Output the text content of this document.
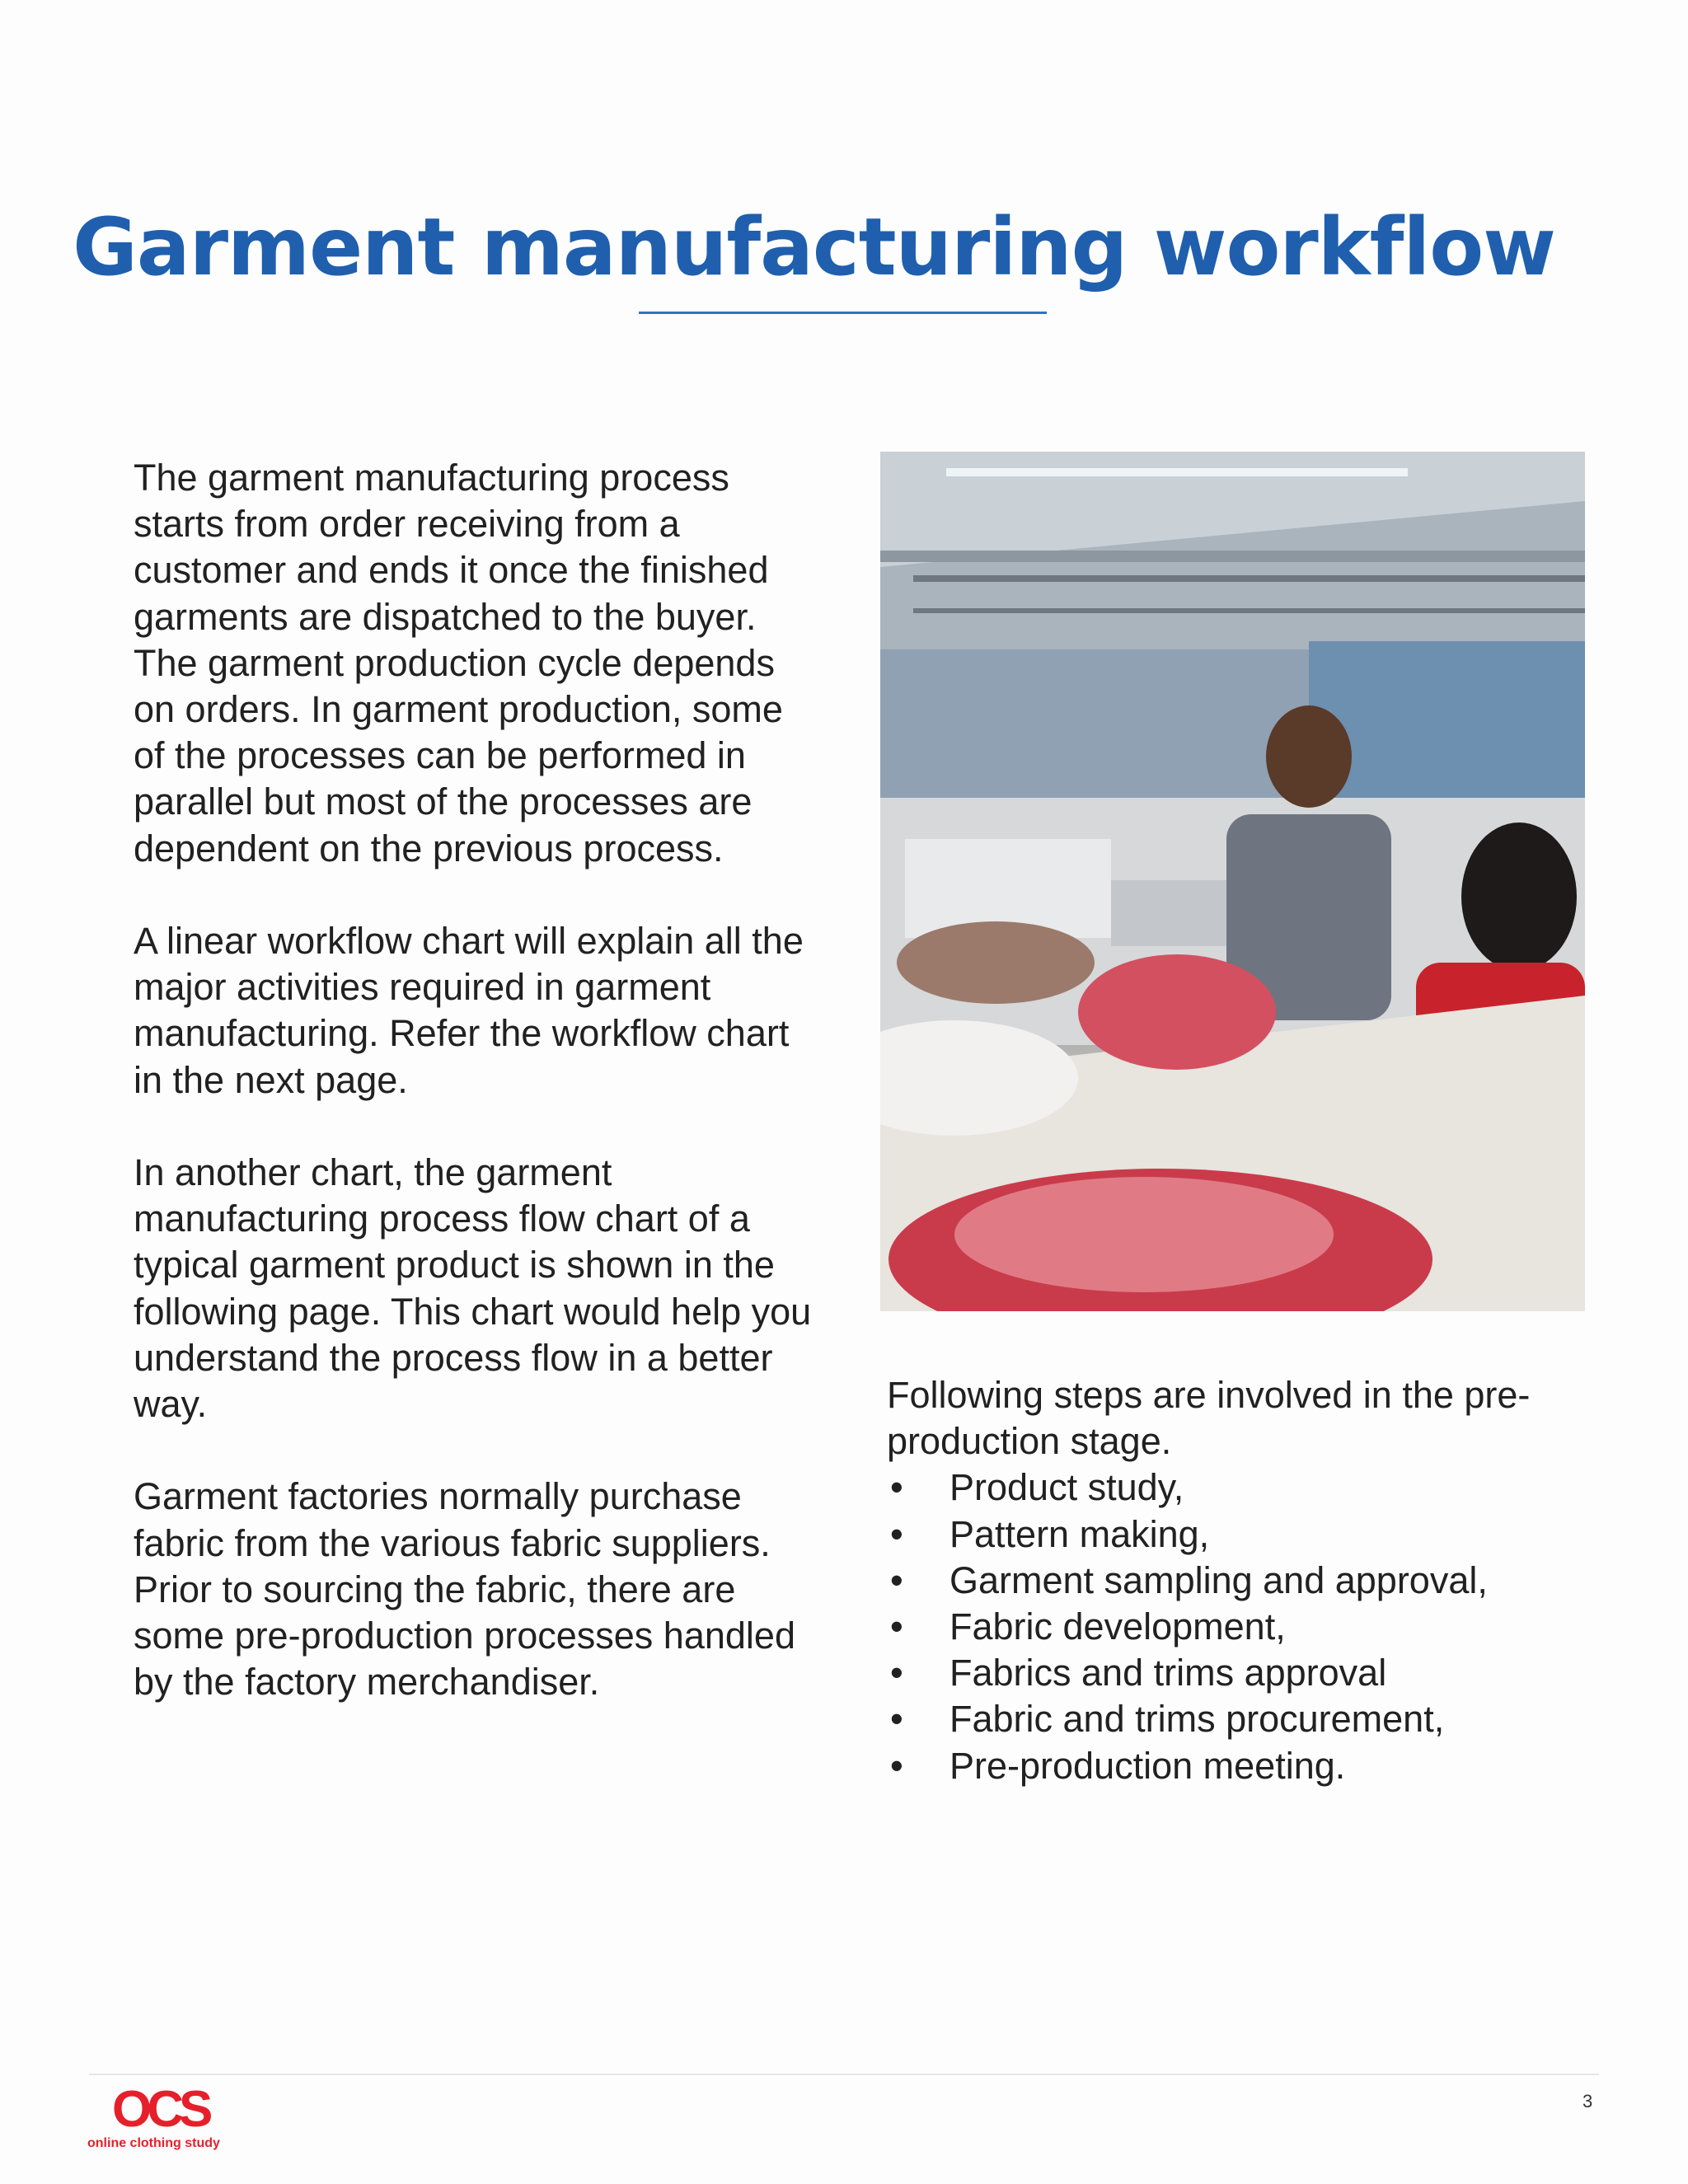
Garment manufacturing workflow

The garment manufacturing process starts from order receiving from a customer and ends it once the finished garments are dispatched to the buyer. The garment production cycle depends on orders. In garment production, some of the processes can be performed in parallel but most of the processes are dependent on the previous process.

A linear workflow chart will explain all the major activities required in garment manufacturing. Refer the workflow chart in the next page.

In another chart, the garment manufacturing process flow chart of a typical garment product is shown in the following page. This chart would help you understand the process flow in a better way.

Garment factories normally purchase fabric from the various fabric suppliers. Prior to sourcing the fabric, there are some pre-production processes handled by the factory merchandiser.

Following steps are involved in the pre-production stage.

• Product study,
• Pattern making,
• Garment sampling and approval,
• Fabric development,
• Fabrics and trims approval
• Fabric and trims procurement,
• Pre-production meeting.
OCS
online clothing study
3
